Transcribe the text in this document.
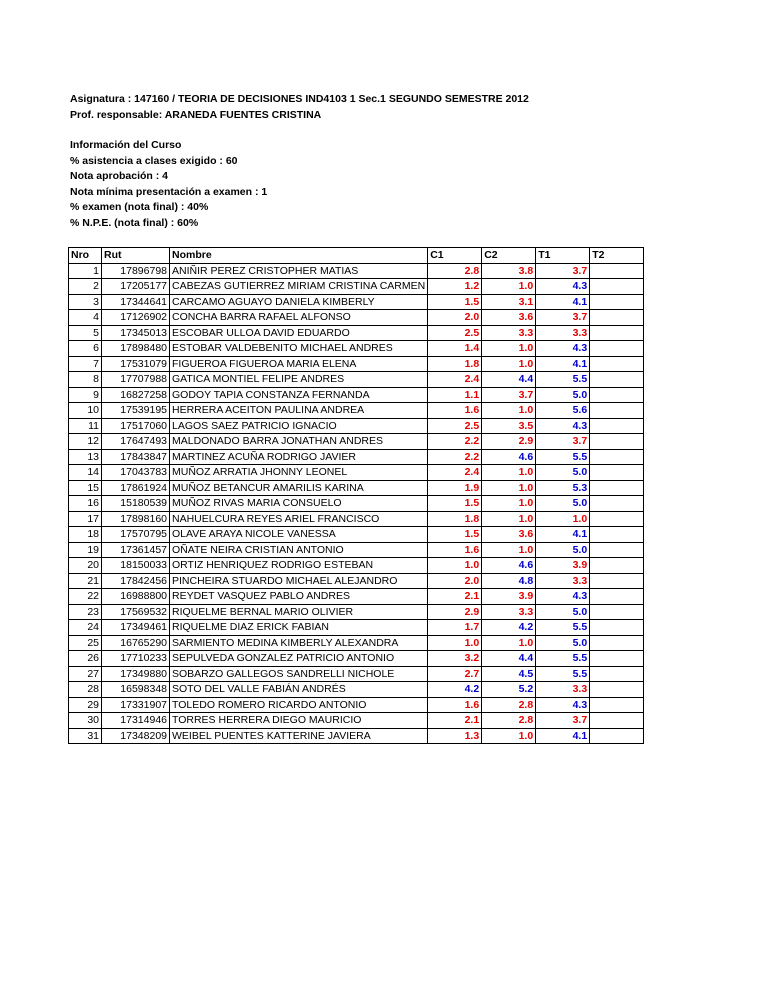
Asignatura : 147160 / TEORIA DE DECISIONES IND4103 1 Sec.1 SEGUNDO SEMESTRE 2012
Prof. responsable: ARANEDA FUENTES CRISTINA
Información del Curso
% asistencia a clases exigido : 60
Nota aprobación : 4
Nota mínima presentación a examen : 1
% examen (nota final) : 40%
% N.P.E. (nota final) : 60%
Nro	Rut	Nombre	C1	C2	T1	T2
1	17896798	ANIÑIR PEREZ CRISTOPHER MATIAS	2.8	3.8	3.7	
2	17205177	CABEZAS GUTIERREZ MIRIAM CRISTINA CARMEN	1.2	1.0	4.3	
3	17344641	CARCAMO AGUAYO DANIELA KIMBERLY	1.5	3.1	4.1	
4	17126902	CONCHA BARRA RAFAEL ALFONSO	2.0	3.6	3.7	
5	17345013	ESCOBAR ULLOA DAVID EDUARDO	2.5	3.3	3.3	
6	17898480	ESTOBAR VALDEBENITO MICHAEL ANDRES	1.4	1.0	4.3	
7	17531079	FIGUEROA FIGUEROA MARIA ELENA	1.8	1.0	4.1	
8	17707988	GATICA MONTIEL FELIPE ANDRES	2.4	4.4	5.5	
9	16827258	GODOY TAPIA CONSTANZA FERNANDA	1.1	3.7	5.0	
10	17539195	HERRERA ACEITON PAULINA ANDREA	1.6	1.0	5.6	
11	17517060	LAGOS SAEZ PATRICIO IGNACIO	2.5	3.5	4.3	
12	17647493	MALDONADO BARRA JONATHAN ANDRES	2.2	2.9	3.7	
13	17843847	MARTINEZ ACUÑA RODRIGO JAVIER	2.2	4.6	5.5	
14	17043783	MUÑOZ ARRATIA JHONNY LEONEL	2.4	1.0	5.0	
15	17861924	MUÑOZ BETANCUR AMARILIS KARINA	1.9	1.0	5.3	
16	15180539	MUÑOZ RIVAS MARIA CONSUELO	1.5	1.0	5.0	
17	17898160	NAHUELCURA REYES ARIEL FRANCISCO	1.8	1.0	1.0	
18	17570795	OLAVE ARAYA NICOLE VANESSA	1.5	3.6	4.1	
19	17361457	OÑATE NEIRA CRISTIAN ANTONIO	1.6	1.0	5.0	
20	18150033	ORTIZ HENRIQUEZ RODRIGO ESTEBAN	1.0	4.6	3.9	
21	17842456	PINCHEIRA STUARDO MICHAEL ALEJANDRO	2.0	4.8	3.3	
22	16988800	REYDET VASQUEZ PABLO ANDRES	2.1	3.9	4.3	
23	17569532	RIQUELME BERNAL MARIO OLIVIER	2.9	3.3	5.0	
24	17349461	RIQUELME DIAZ ERICK FABIAN	1.7	4.2	5.5	
25	16765290	SARMIENTO MEDINA KIMBERLY ALEXANDRA	1.0	1.0	5.0	
26	17710233	SEPULVEDA GONZALEZ PATRICIO ANTONIO	3.2	4.4	5.5	
27	17349880	SOBARZO GALLEGOS SANDRELLI NICHOLE	2.7	4.5	5.5	
28	16598348	SOTO DEL VALLE FABIÁN ANDRÉS	4.2	5.2	3.3	
29	17331907	TOLEDO ROMERO RICARDO ANTONIO	1.6	2.8	4.3	
30	17314946	TORRES HERRERA DIEGO MAURICIO	2.1	2.8	3.7	
31	17348209	WEIBEL PUENTES KATTERINE JAVIERA	1.3	1.0	4.1	
